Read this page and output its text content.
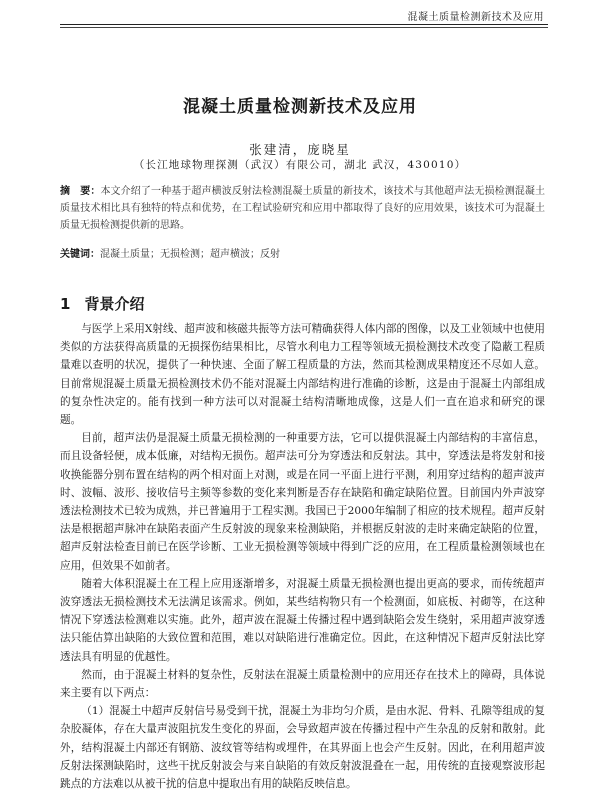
混凝土质量检测新技术及应用
混凝土质量检测新技术及应用
张建清，庞晓星
（长江地球物理探测（武汉）有限公司，湖北 武汉，430010）
摘　要：本文介绍了一种基于超声横波反射法检测混凝土质量的新技术，该技术与其他超声法无损检测混凝土质量技术相比具有独特的特点和优势，在工程试验研究和应用中都取得了良好的应用效果，该技术可为混凝土质量无损检测提供新的思路。
关键词：混凝土质量；无损检测；超声横波；反射
1 背景介绍

与医学上采用X射线、超声波和核磁共振等方法可精确获得人体内部的图像，以及工业领域中也使用类似的方法获得高质量的无损探伤结果相比，尽管水利电力工程等领域无损检测技术改变了隐蔽工程质量难以查明的状况，提供了一种快速、全面了解工程质量的方法，然而其检测成果精度还不尽如人意。目前常规混凝土质量无损检测技术仍不能对混凝土内部结构进行准确的诊断，这是由于混凝土内部组成的复杂性决定的。能有找到一种方法可以对混凝土结构清晰地成像，这是人们一直在追求和研究的课题。

目前，超声法仍是混凝土质量无损检测的一种重要方法，它可以提供混凝土内部结构的丰富信息，而且设备轻便，成本低廉，对结构无损伤。超声法可分为穿透法和反射法。其中，穿透法是将发射和接收换能器分别布置在结构的两个相对面上对测，或是在同一平面上进行平测，利用穿过结构的超声波声时、波幅、波形、接收信号主频等参数的变化来判断是否存在缺陷和确定缺陷位置。目前国内外声波穿透法检测技术已较为成熟，并已普遍用于工程实测。我国已于2000年编制了相应的技术规程。超声反射法是根据超声脉冲在缺陷表面产生反射波的现象来检测缺陷，并根据反射波的走时来确定缺陷的位置，超声反射法检查目前已在医学诊断、工业无损检测等领域中得到广泛的应用，在工程质量检测领域也在应用，但效果不如前者。

随着大体积混凝土在工程上应用逐渐增多，对混凝土质量无损检测也提出更高的要求，而传统超声波穿透法无损检测技术无法满足该需求。例如，某些结构物只有一个检测面，如底板、衬砌等，在这种情况下穿透法检测难以实施。此外，超声波在混凝土传播过程中遇到缺陷会发生绕射，采用超声波穿透法只能估算出缺陷的大致位置和范围，难以对缺陷进行准确定位。因此，在这种情况下超声反射法比穿透法具有明显的优越性。

然而，由于混凝土材料的复杂性，反射法在混凝土质量检测中的应用还存在技术上的障碍，具体说来主要有以下两点：

（1）混凝土中超声反射信号易受到干扰，混凝土为非均匀介质，是由水泥、骨料、孔隙等组成的复杂胶凝体，存在大量声波阻抗发生变化的界面，会导致超声波在传播过程中产生杂乱的反射和散射。此外，结构混凝土内部还有钢筋、波纹管等结构或埋件，在其界面上也会产生反射。因此，在利用超声波反射法探测缺陷时，这些干扰反射波会与来自缺陷的有效反射波混叠在一起，用传统的直接观察波形起跳点的方法难以从被干扰的信息中提取出有用的缺陷反映信息。
